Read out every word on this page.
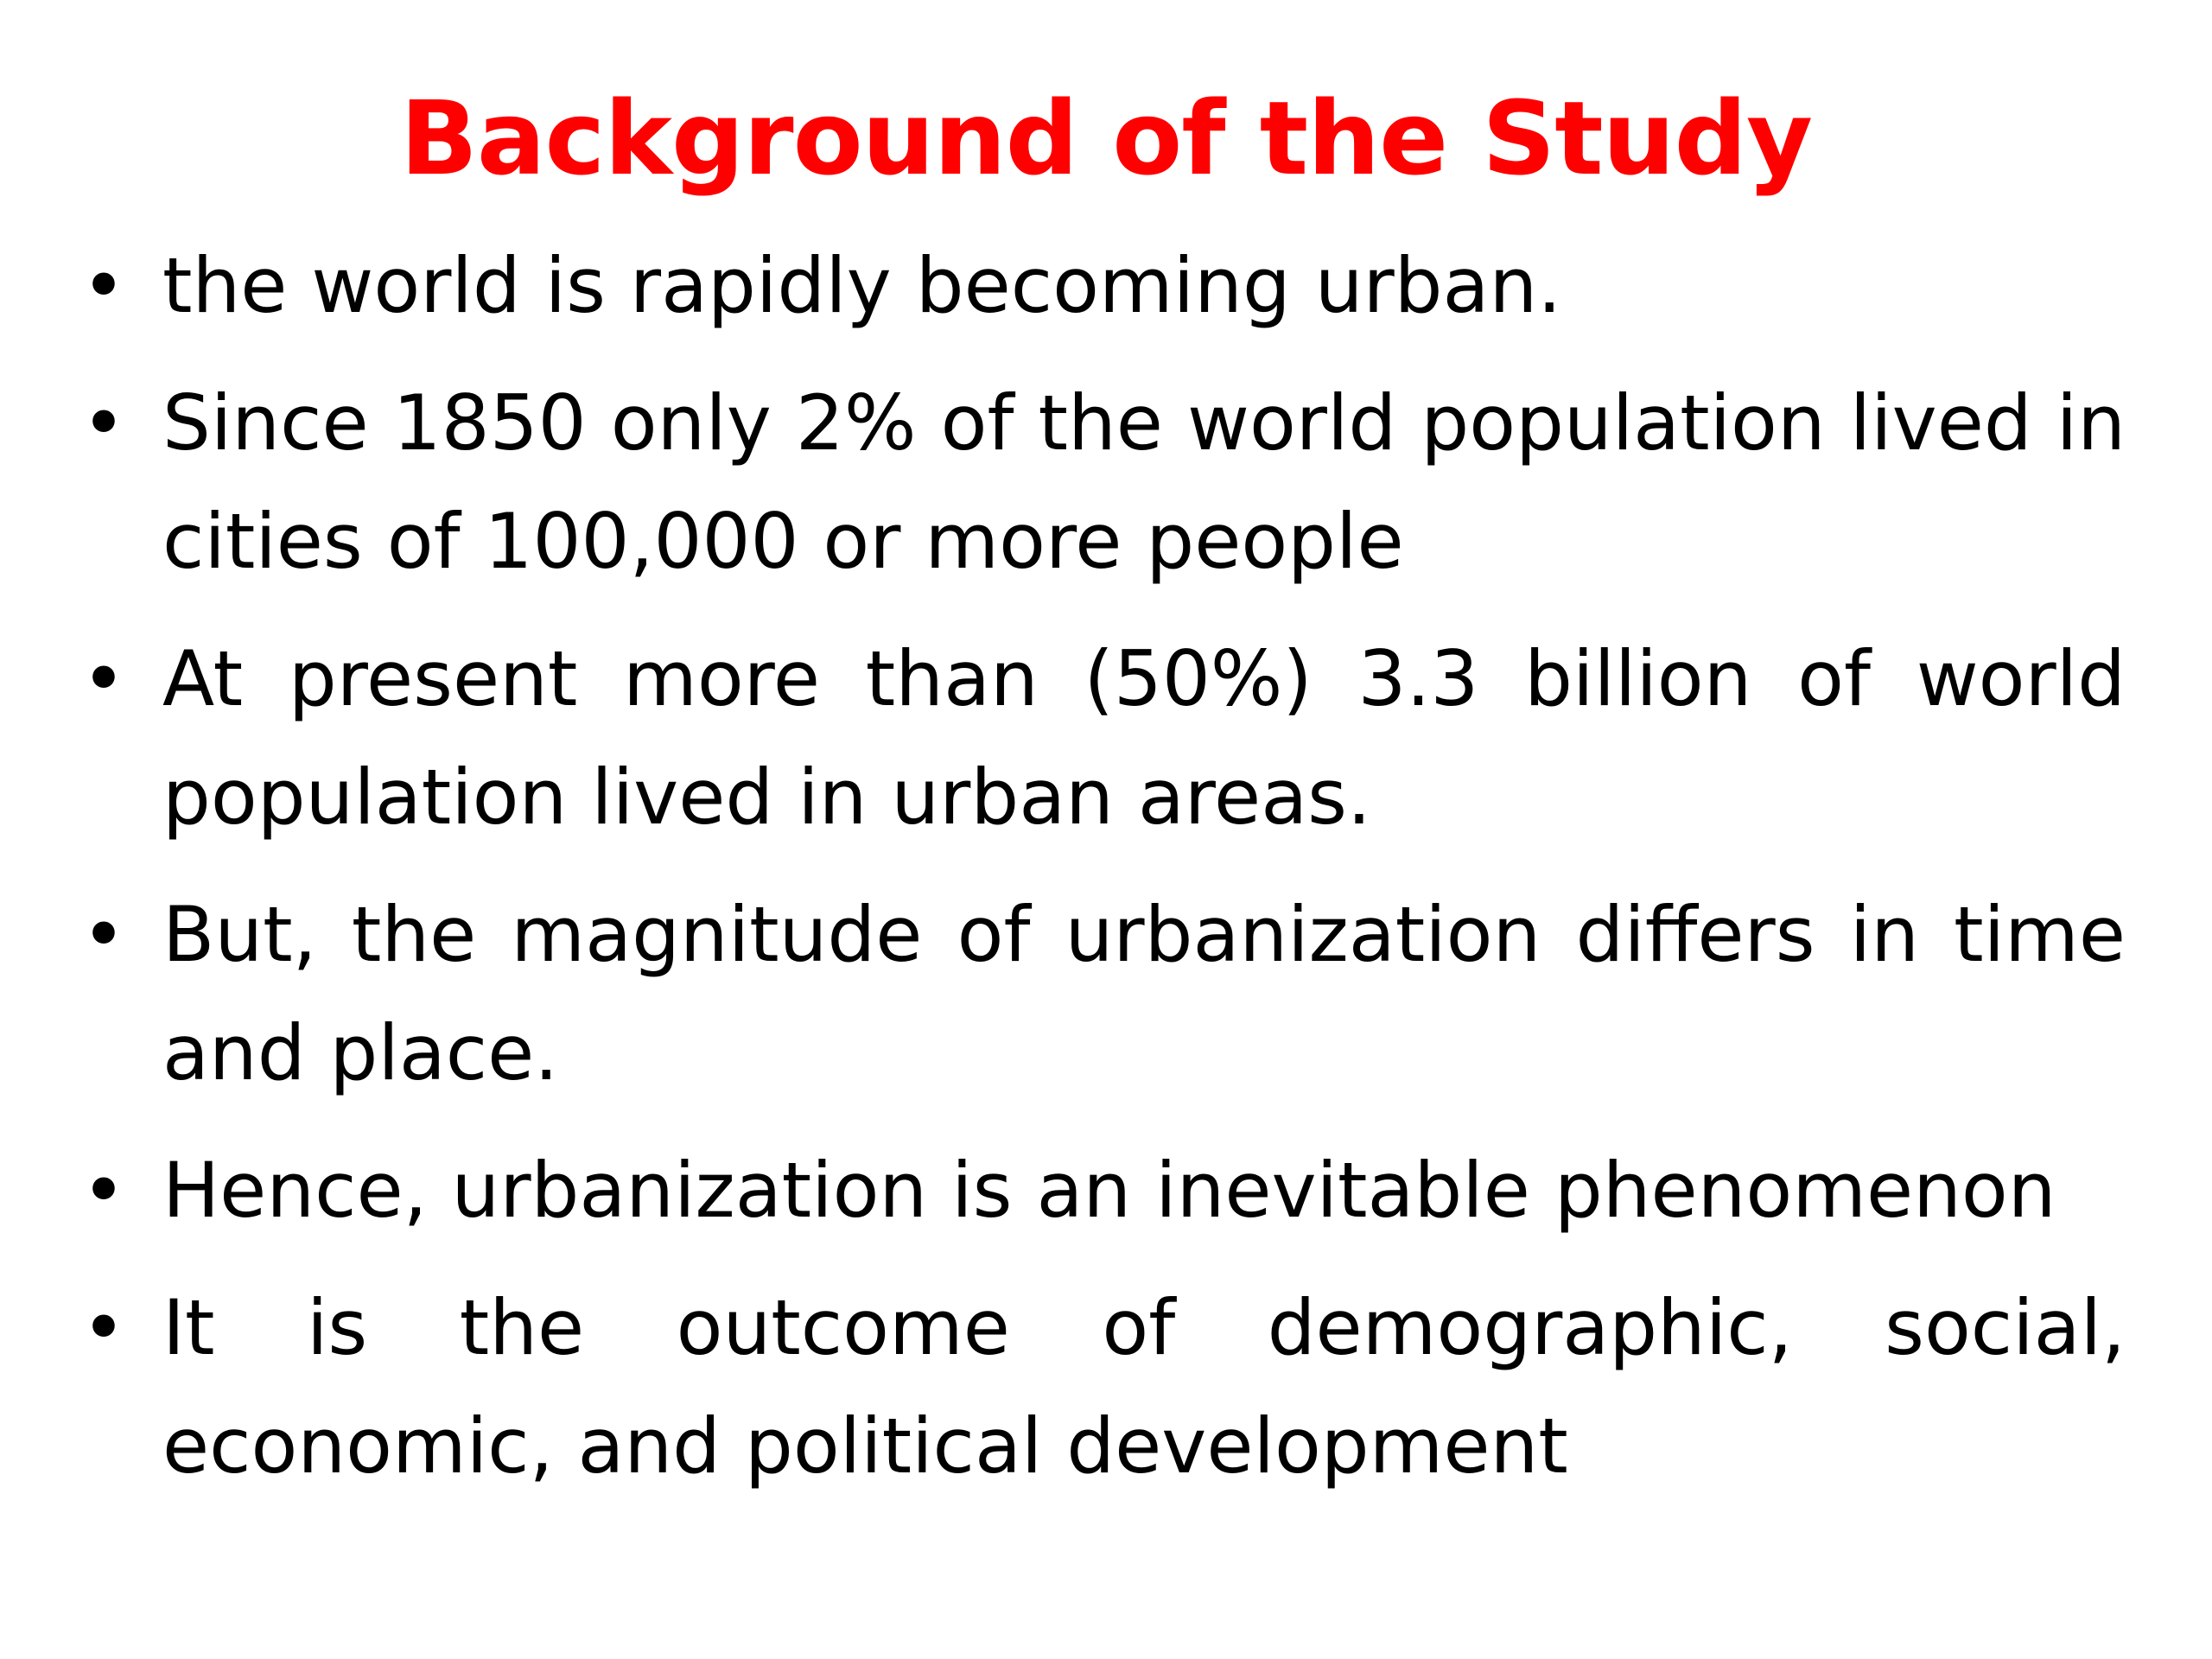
Background of the Study
• the world is rapidly becoming urban.
• Since 1850 only 2% of the world population lived in cities of 100,000 or more people
• At present more than (50%) 3.3 billion of world population lived in urban areas.
• But, the magnitude of urbanization differs in time and place.
• Hence, urbanization is an inevitable phenomenon
• It is the outcome of demographic, social, economic, and political development
